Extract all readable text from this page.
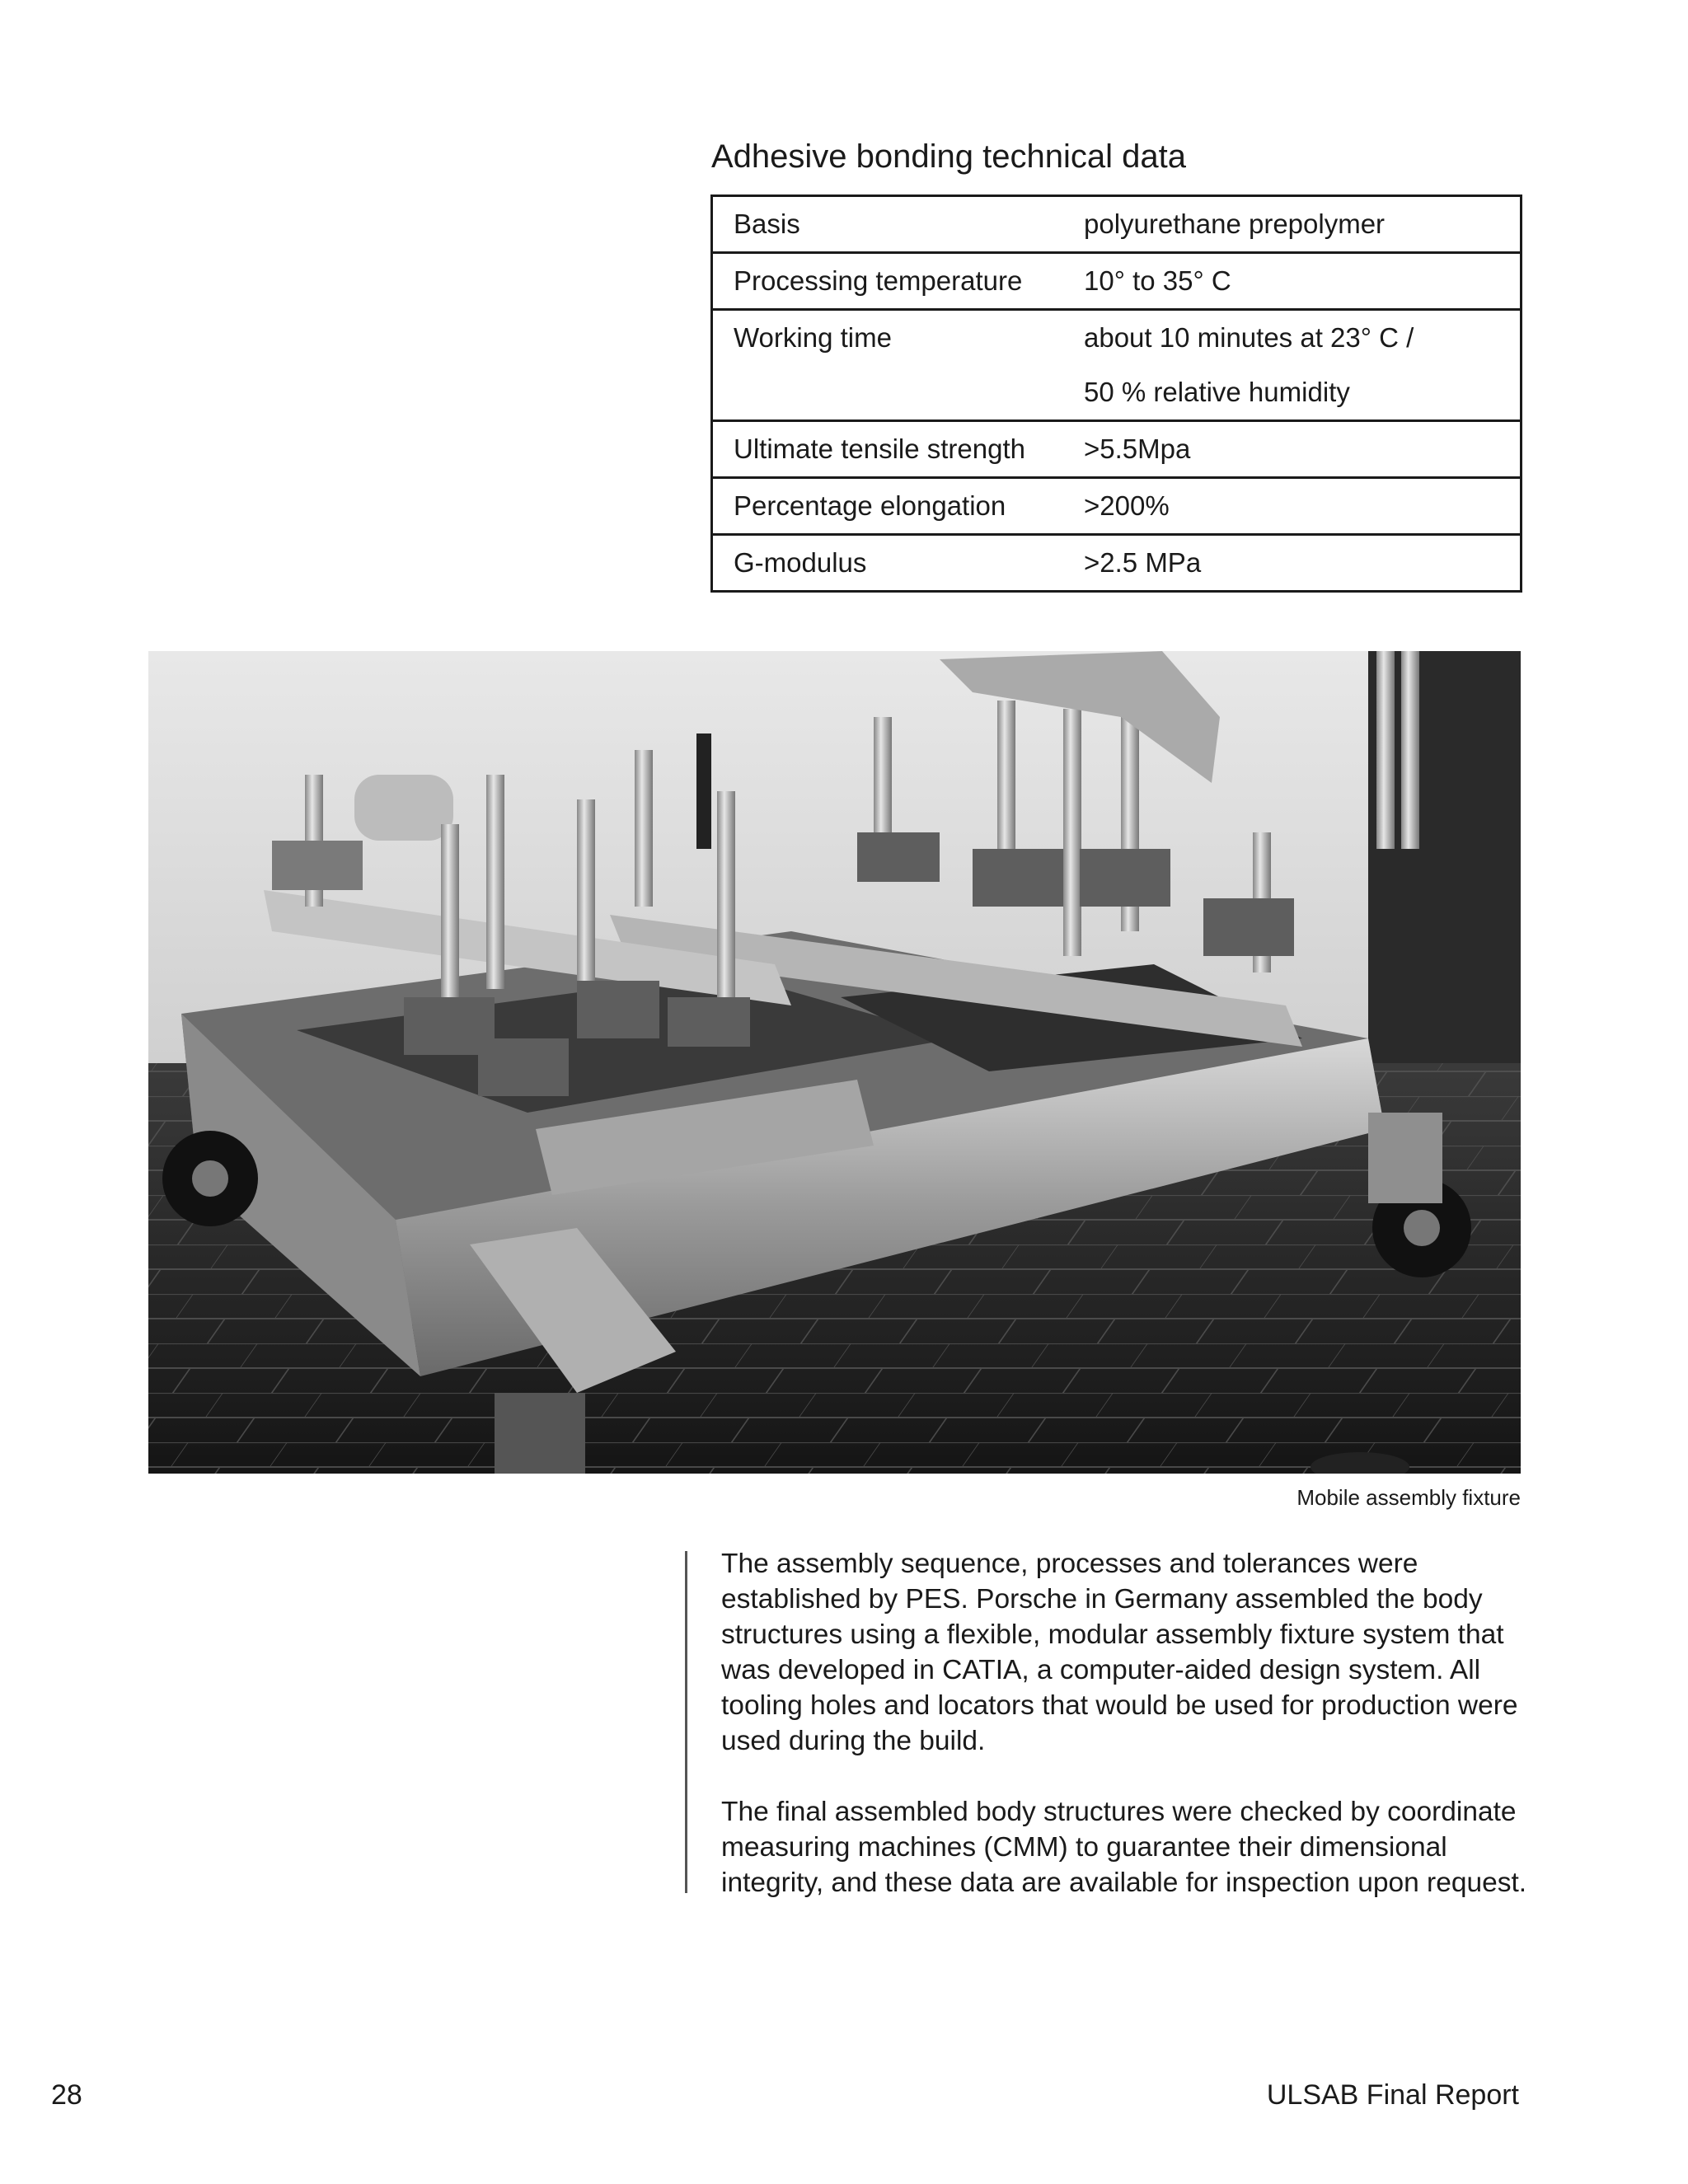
Adhesive bonding technical data
Basis	polyurethane prepolymer
Processing temperature	10° to 35° C
Working time	about 10 minutes at 23° C /
50 % relative humidity
Ultimate tensile strength	>5.5Mpa
Percentage elongation	>200%
G-modulus	>2.5 MPa
Mobile assembly fixture

The assembly sequence, processes and tolerances were established by PES. Porsche in Germany assembled the body structures using a flexible, modular assembly fixture system that was developed in CATIA, a computer-aided design system. All tooling holes and locators that would be used for production were used during the build.

The final assembled body structures were checked by coordinate measuring machines (CMM) to guarantee their dimensional integrity, and these data are available for inspection upon request.

28	ULSAB Final Report
